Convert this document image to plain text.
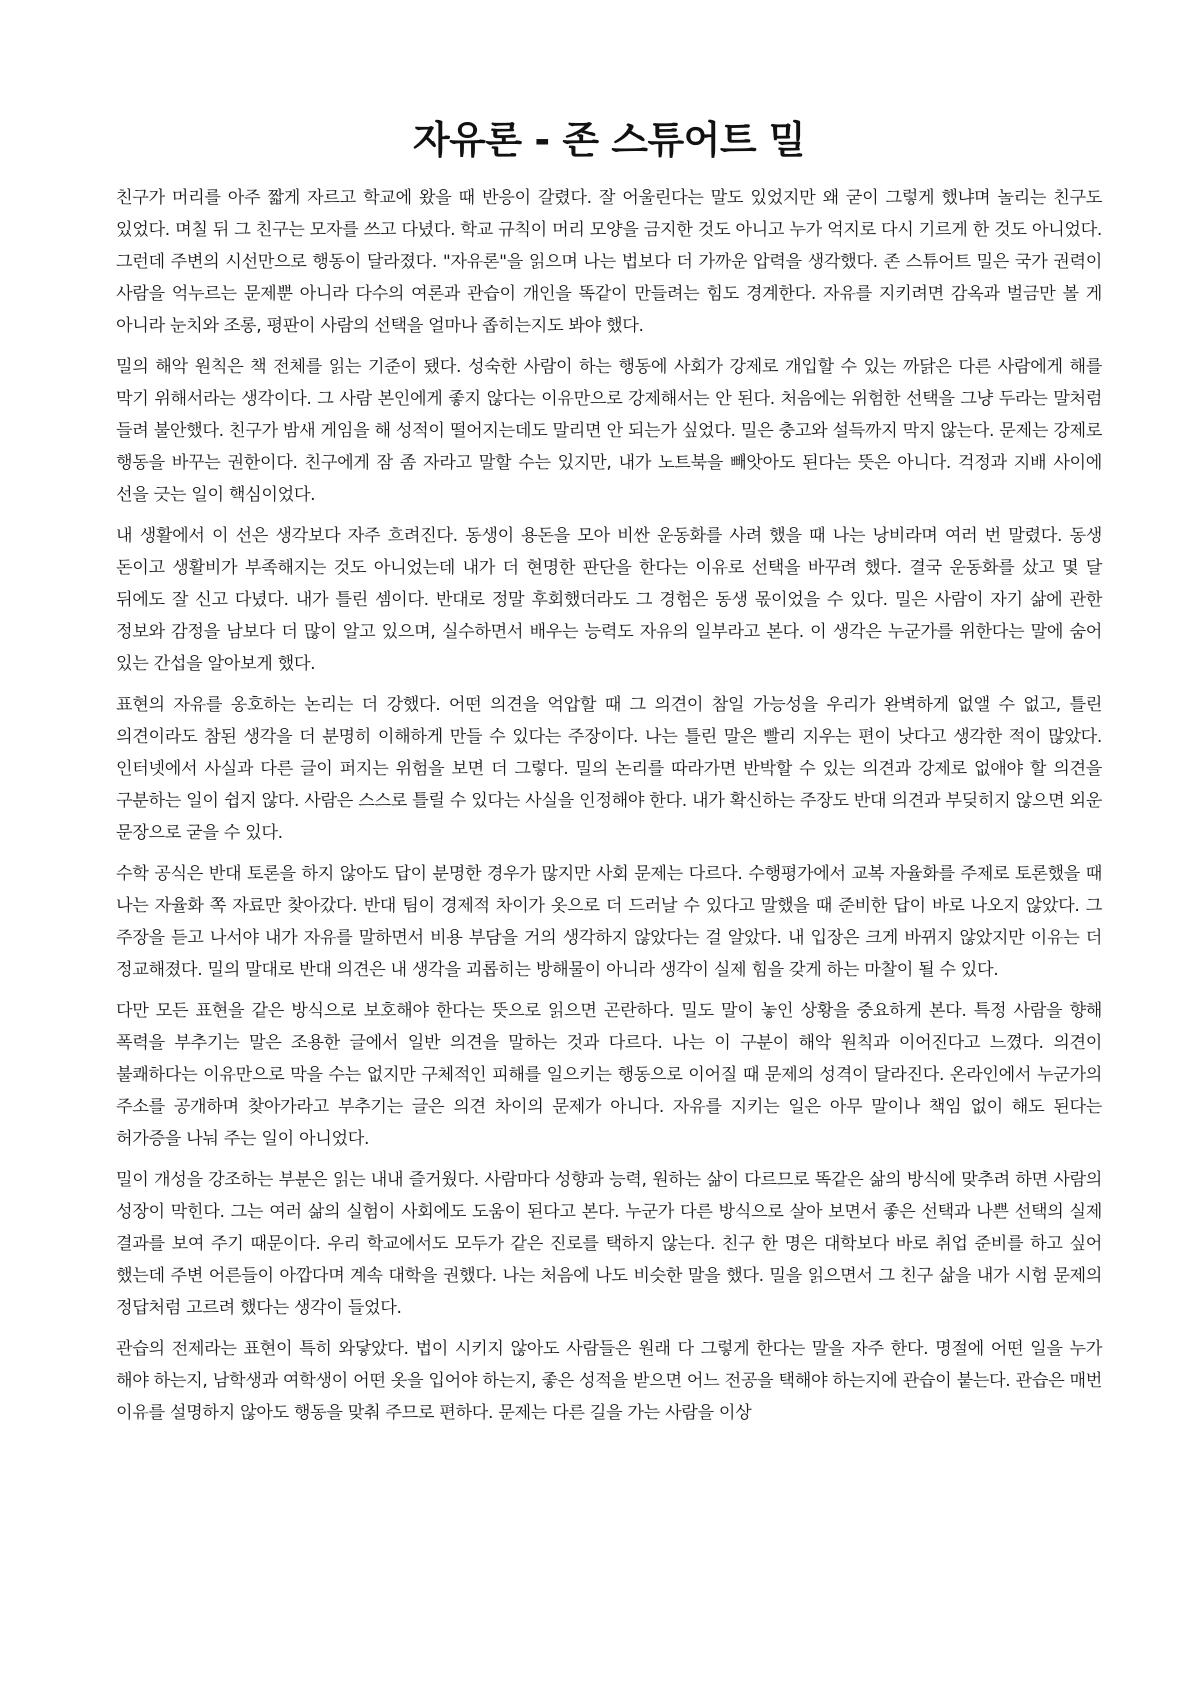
자유론 - 존 스튜어트 밀

친구가 머리를 아주 짧게 자르고 학교에 왔을 때 반응이 갈렸다. 잘 어울린다는 말도 있었지만 왜 굳이 그렇게 했냐며 놀리는 친구도 있었다. 며칠 뒤 그 친구는 모자를 쓰고 다녔다. 학교 규칙이 머리 모양을 금지한 것도 아니고 누가 억지로 다시 기르게 한 것도 아니었다. 그런데 주변의 시선만으로 행동이 달라졌다. "자유론"을 읽으며 나는 법보다 더 가까운 압력을 생각했다. 존 스튜어트 밀은 국가 권력이 사람을 억누르는 문제뿐 아니라 다수의 여론과 관습이 개인을 똑같이 만들려는 힘도 경계한다. 자유를 지키려면 감옥과 벌금만 볼 게 아니라 눈치와 조롱, 평판이 사람의 선택을 얼마나 좁히는지도 봐야 했다.

밀의 해악 원칙은 책 전체를 읽는 기준이 됐다. 성숙한 사람이 하는 행동에 사회가 강제로 개입할 수 있는 까닭은 다른 사람에게 해를 막기 위해서라는 생각이다. 그 사람 본인에게 좋지 않다는 이유만으로 강제해서는 안 된다. 처음에는 위험한 선택을 그냥 두라는 말처럼 들려 불안했다. 친구가 밤새 게임을 해 성적이 떨어지는데도 말리면 안 되는가 싶었다. 밀은 충고와 설득까지 막지 않는다. 문제는 강제로 행동을 바꾸는 권한이다. 친구에게 잠 좀 자라고 말할 수는 있지만, 내가 노트북을 빼앗아도 된다는 뜻은 아니다. 걱정과 지배 사이에 선을 긋는 일이 핵심이었다.

내 생활에서 이 선은 생각보다 자주 흐려진다. 동생이 용돈을 모아 비싼 운동화를 사려 했을 때 나는 낭비라며 여러 번 말렸다. 동생 돈이고 생활비가 부족해지는 것도 아니었는데 내가 더 현명한 판단을 한다는 이유로 선택을 바꾸려 했다. 결국 운동화를 샀고 몇 달 뒤에도 잘 신고 다녔다. 내가 틀린 셈이다. 반대로 정말 후회했더라도 그 경험은 동생 몫이었을 수 있다. 밀은 사람이 자기 삶에 관한 정보와 감정을 남보다 더 많이 알고 있으며, 실수하면서 배우는 능력도 자유의 일부라고 본다. 이 생각은 누군가를 위한다는 말에 숨어 있는 간섭을 알아보게 했다.

표현의 자유를 옹호하는 논리는 더 강했다. 어떤 의견을 억압할 때 그 의견이 참일 가능성을 우리가 완벽하게 없앨 수 없고, 틀린 의견이라도 참된 생각을 더 분명히 이해하게 만들 수 있다는 주장이다. 나는 틀린 말은 빨리 지우는 편이 낫다고 생각한 적이 많았다. 인터넷에서 사실과 다른 글이 퍼지는 위험을 보면 더 그렇다. 밀의 논리를 따라가면 반박할 수 있는 의견과 강제로 없애야 할 의견을 구분하는 일이 쉽지 않다. 사람은 스스로 틀릴 수 있다는 사실을 인정해야 한다. 내가 확신하는 주장도 반대 의견과 부딪히지 않으면 외운 문장으로 굳을 수 있다.

수학 공식은 반대 토론을 하지 않아도 답이 분명한 경우가 많지만 사회 문제는 다르다. 수행평가에서 교복 자율화를 주제로 토론했을 때 나는 자율화 쪽 자료만 찾아갔다. 반대 팀이 경제적 차이가 옷으로 더 드러날 수 있다고 말했을 때 준비한 답이 바로 나오지 않았다. 그 주장을 듣고 나서야 내가 자유를 말하면서 비용 부담을 거의 생각하지 않았다는 걸 알았다. 내 입장은 크게 바뀌지 않았지만 이유는 더 정교해졌다. 밀의 말대로 반대 의견은 내 생각을 괴롭히는 방해물이 아니라 생각이 실제 힘을 갖게 하는 마찰이 될 수 있다.

다만 모든 표현을 같은 방식으로 보호해야 한다는 뜻으로 읽으면 곤란하다. 밀도 말이 놓인 상황을 중요하게 본다. 특정 사람을 향해 폭력을 부추기는 말은 조용한 글에서 일반 의견을 말하는 것과 다르다. 나는 이 구분이 해악 원칙과 이어진다고 느꼈다. 의견이 불쾌하다는 이유만으로 막을 수는 없지만 구체적인 피해를 일으키는 행동으로 이어질 때 문제의 성격이 달라진다. 온라인에서 누군가의 주소를 공개하며 찾아가라고 부추기는 글은 의견 차이의 문제가 아니다. 자유를 지키는 일은 아무 말이나 책임 없이 해도 된다는 허가증을 나눠 주는 일이 아니었다.

밀이 개성을 강조하는 부분은 읽는 내내 즐거웠다. 사람마다 성향과 능력, 원하는 삶이 다르므로 똑같은 삶의 방식에 맞추려 하면 사람의 성장이 막힌다. 그는 여러 삶의 실험이 사회에도 도움이 된다고 본다. 누군가 다른 방식으로 살아 보면서 좋은 선택과 나쁜 선택의 실제 결과를 보여 주기 때문이다. 우리 학교에서도 모두가 같은 진로를 택하지 않는다. 친구 한 명은 대학보다 바로 취업 준비를 하고 싶어 했는데 주변 어른들이 아깝다며 계속 대학을 권했다. 나는 처음에 나도 비슷한 말을 했다. 밀을 읽으면서 그 친구 삶을 내가 시험 문제의 정답처럼 고르려 했다는 생각이 들었다.

관습의 전제라는 표현이 특히 와닿았다. 법이 시키지 않아도 사람들은 원래 다 그렇게 한다는 말을 자주 한다. 명절에 어떤 일을 누가 해야 하는지, 남학생과 여학생이 어떤 옷을 입어야 하는지, 좋은 성적을 받으면 어느 전공을 택해야 하는지에 관습이 붙는다. 관습은 매번 이유를 설명하지 않아도 행동을 맞춰 주므로 편하다. 문제는 다른 길을 가는 사람을 이상
